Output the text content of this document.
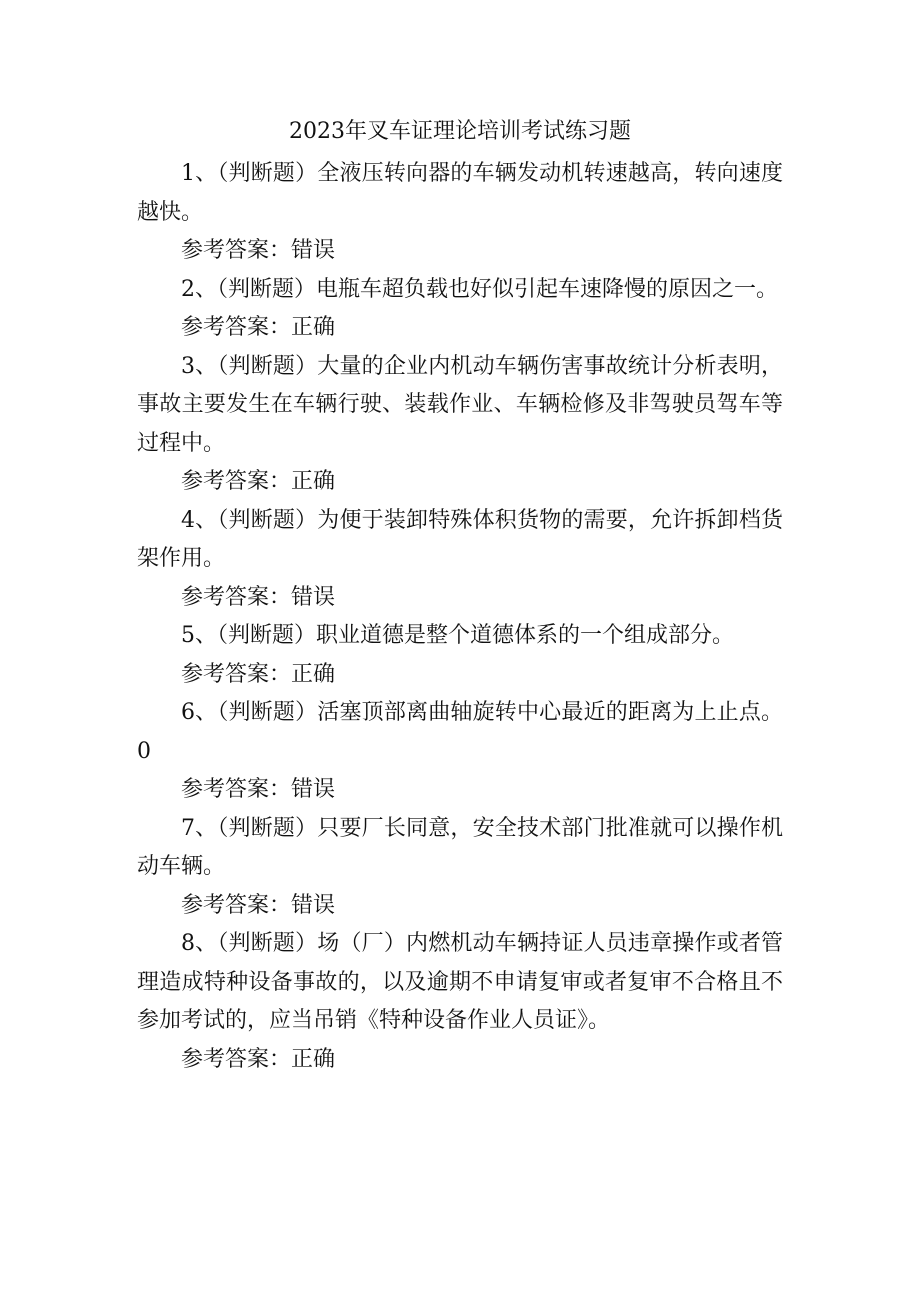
2023年叉车证理论培训考试练习题

1、（判断题）全液压转向器的车辆发动机转速越高，转向速度越快。

参考答案：错误

2、（判断题）电瓶车超负载也好似引起车速降慢的原因之一。

参考答案：正确

3、（判断题）大量的企业内机动车辆伤害事故统计分析表明，事故主要发生在车辆行驶、装载作业、车辆检修及非驾驶员驾车等过程中。

参考答案：正确

4、（判断题）为便于装卸特殊体积货物的需要，允许拆卸档货架作用。

参考答案：错误

5、（判断题）职业道德是整个道德体系的一个组成部分。

参考答案：正确

6、（判断题）活塞顶部离曲轴旋转中心最近的距离为上止点。0

参考答案：错误

7、（判断题）只要厂长同意，安全技术部门批准就可以操作机动车辆。

参考答案：错误

8、（判断题）场（厂）内燃机动车辆持证人员违章操作或者管理造成特种设备事故的，以及逾期不申请复审或者复审不合格且不参加考试的，应当吊销《特种设备作业人员证》。

参考答案：正确
